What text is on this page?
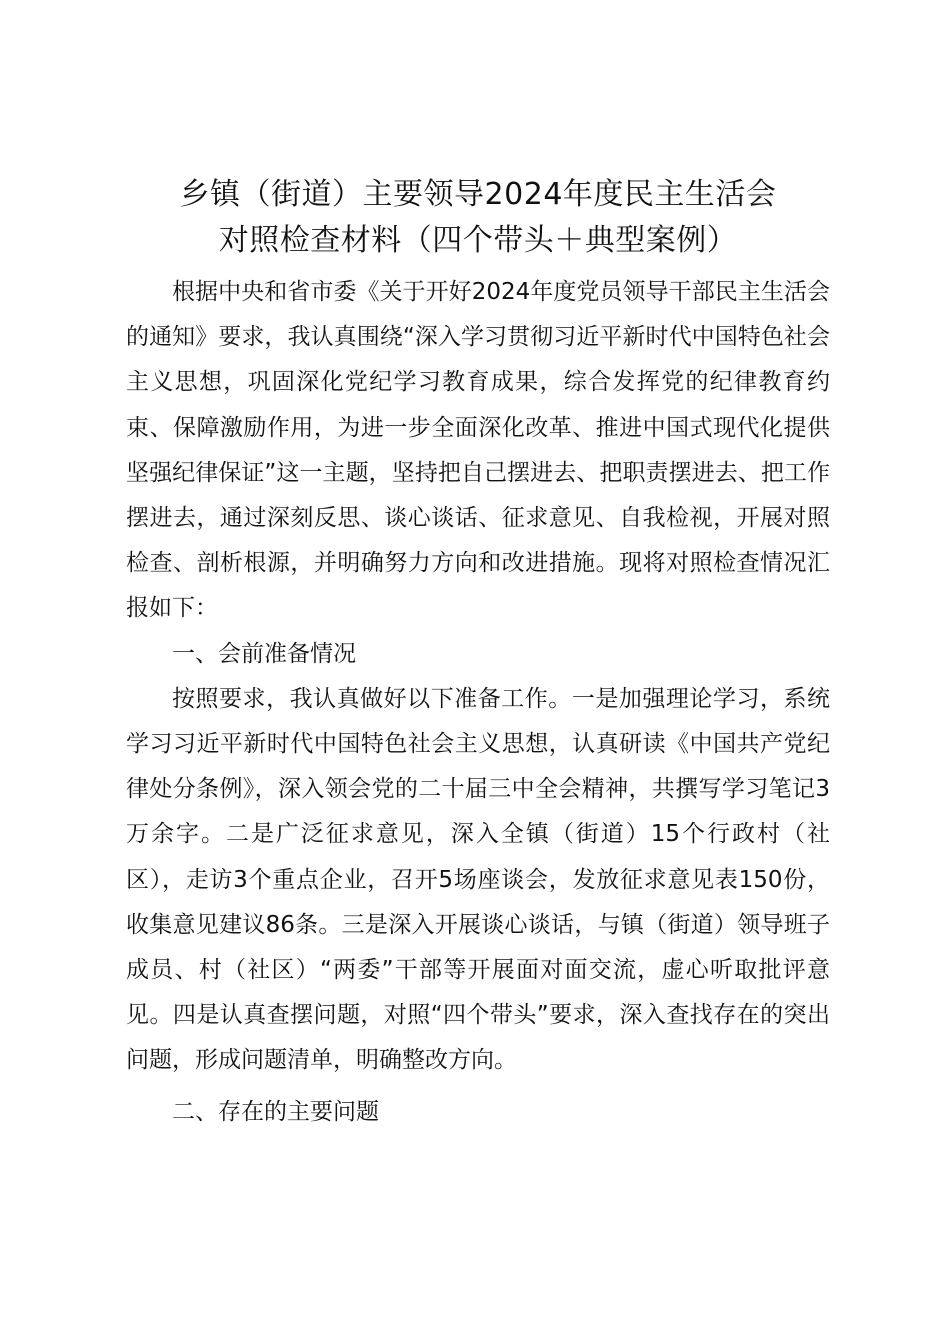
乡镇（街道）主要领导2024年度民主生活会
对照检查材料（四个带头＋典型案例）

根据中央和省市委《关于开好2024年度党员领导干部民主生活会的通知》要求，我认真围绕“深入学习贯彻习近平新时代中国特色社会主义思想，巩固深化党纪学习教育成果，综合发挥党的纪律教育约束、保障激励作用，为进一步全面深化改革、推进中国式现代化提供坚强纪律保证”这一主题，坚持把自己摆进去、把职责摆进去、把工作摆进去，通过深刻反思、谈心谈话、征求意见、自我检视，开展对照检查、剖析根源，并明确努力方向和改进措施。现将对照检查情况汇报如下：

一、会前准备情况

按照要求，我认真做好以下准备工作。一是加强理论学习，系统学习习近平新时代中国特色社会主义思想，认真研读《中国共产党纪律处分条例》，深入领会党的二十届三中全会精神，共撰写学习笔记3万余字。二是广泛征求意见，深入全镇（街道）15个行政村（社区），走访3个重点企业，召开5场座谈会，发放征求意见表150份，收集意见建议86条。三是深入开展谈心谈话，与镇（街道）领导班子成员、村（社区）“两委”干部等开展面对面交流，虚心听取批评意见。四是认真查摆问题，对照“四个带头”要求，深入查找存在的突出问题，形成问题清单，明确整改方向。

二、存在的主要问题
